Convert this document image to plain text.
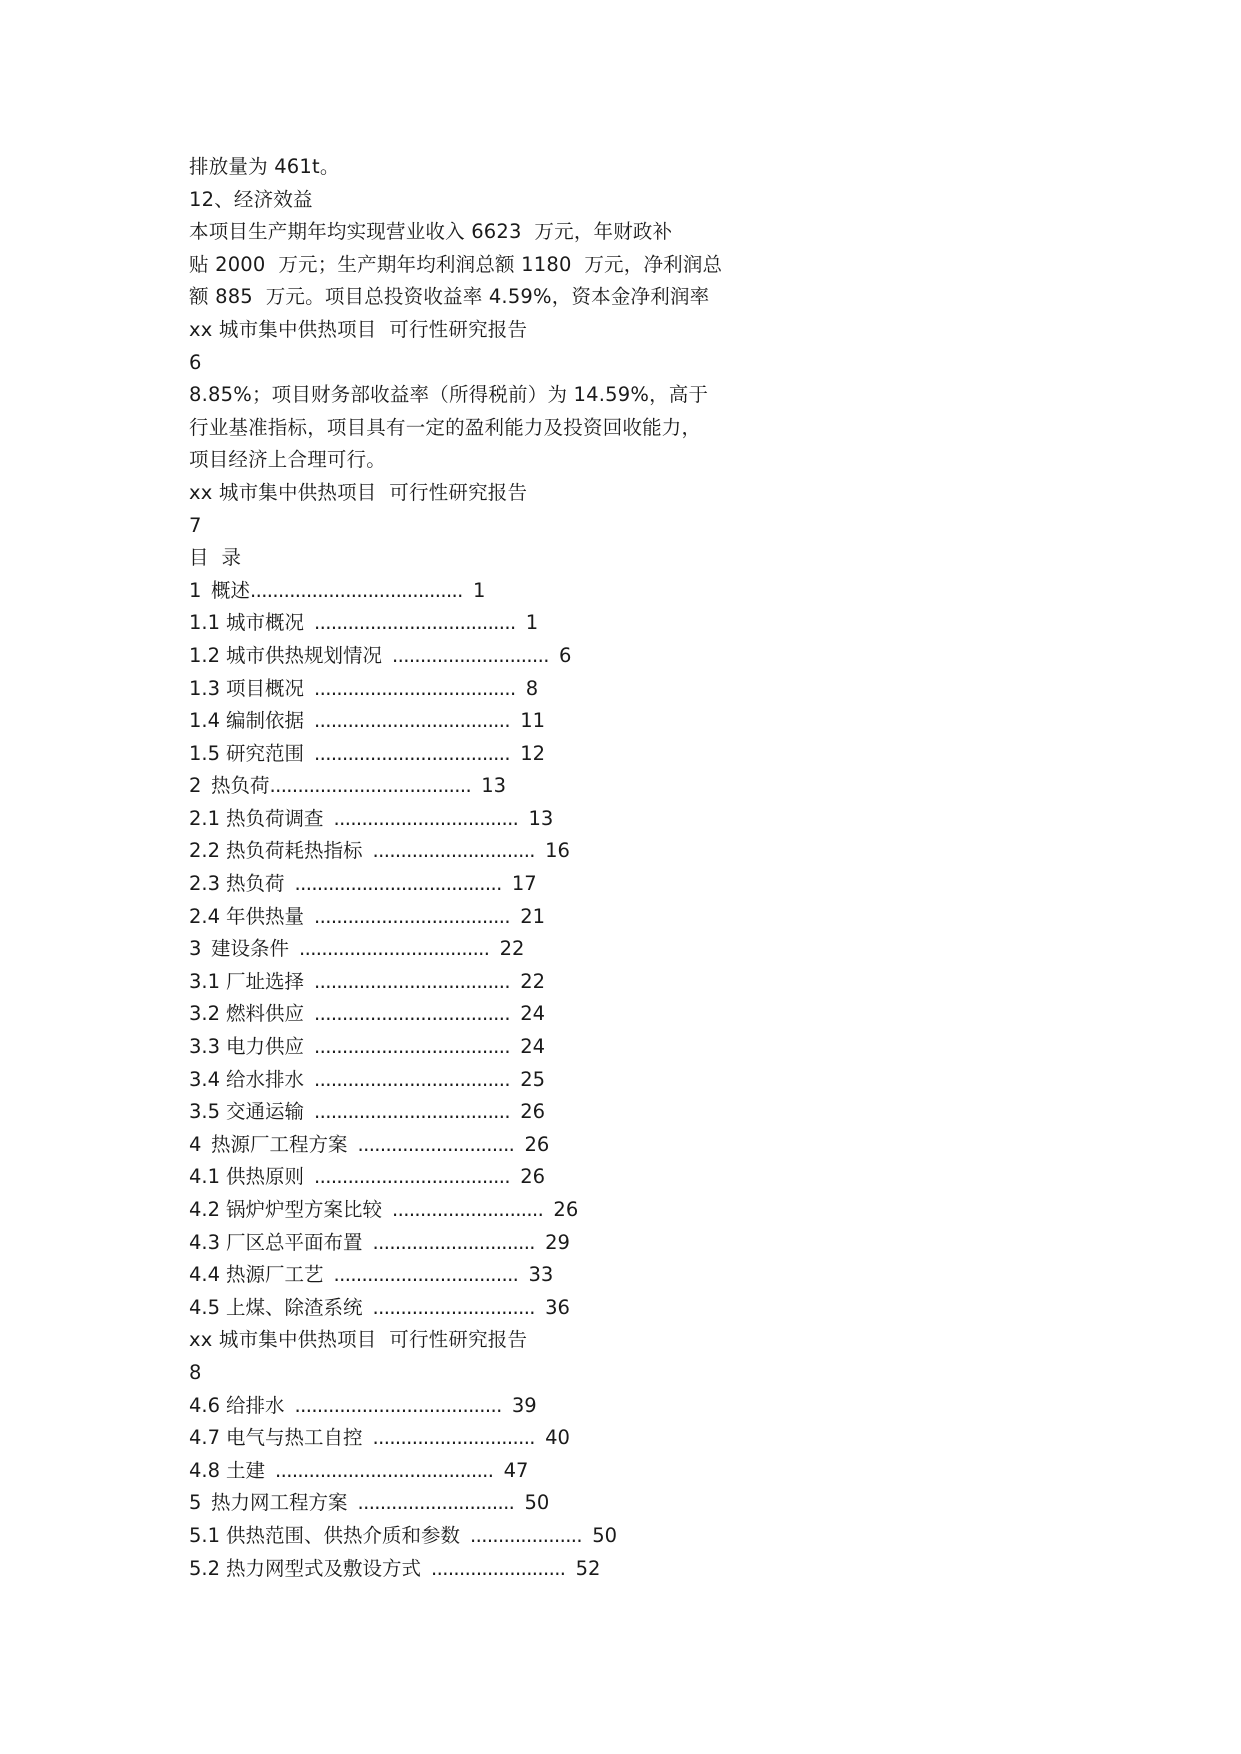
排放量为 461t。
12、经济效益
本项目生产期年均实现营业收入 6623  万元，年财政补
贴 2000  万元；生产期年均利润总额 1180  万元，净利润总
额 885  万元。项目总投资收益率 4.59%，资本金净利润率
xx 城市集中供热项目  可行性研究报告
6
8.85%；项目财务部收益率（所得税前）为 14.59%，高于
行业基准指标，项目具有一定的盈利能力及投资回收能力，
项目经济上合理可行。
xx 城市集中供热项目  可行性研究报告
7
目  录
1 概述...................................... 1
1.1 城市概况 .................................... 1
1.2 城市供热规划情况 ............................ 6
1.3 项目概况 .................................... 8
1.4 编制依据 ................................... 11
1.5 研究范围 ................................... 12
2 热负荷.................................... 13
2.1 热负荷调查 ................................. 13
2.2 热负荷耗热指标 ............................. 16
2.3 热负荷 ..................................... 17
2.4 年供热量 ................................... 21
3 建设条件 .................................. 22
3.1 厂址选择 ................................... 22
3.2 燃料供应 ................................... 24
3.3 电力供应 ................................... 24
3.4 给水排水 ................................... 25
3.5 交通运输 ................................... 26
4 热源厂工程方案 ............................ 26
4.1 供热原则 ................................... 26
4.2 锅炉炉型方案比较 ........................... 26
4.3 厂区总平面布置 ............................. 29
4.4 热源厂工艺 ................................. 33
4.5 上煤、除渣系统 ............................. 36
xx 城市集中供热项目  可行性研究报告
8
4.6 给排水 ..................................... 39
4.7 电气与热工自控 ............................. 40
4.8 土建 ....................................... 47
5 热力网工程方案 ............................ 50
5.1 供热范围、供热介质和参数 .................... 50
5.2 热力网型式及敷设方式 ........................ 52
